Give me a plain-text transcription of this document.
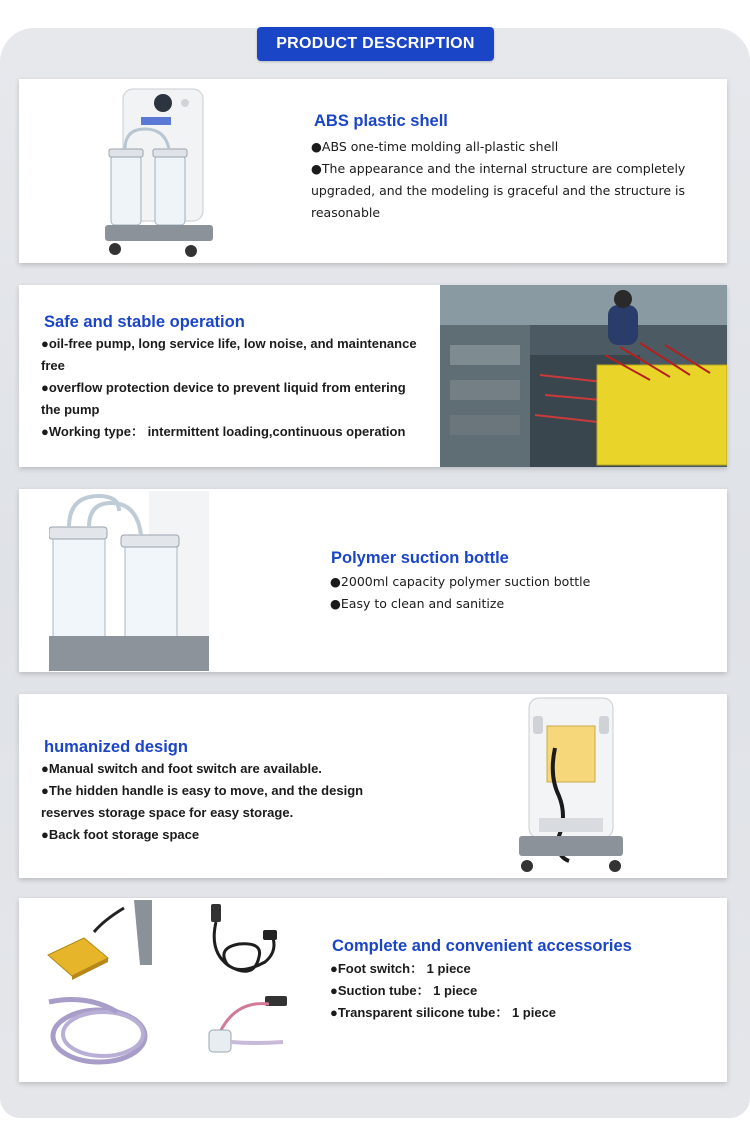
PRODUCT DESCRIPTION
ABS plastic shell

●ABS one-time molding all-plastic shell

●The appearance and the internal structure are completely

upgraded, and the modeling is graceful and the structure is

reasonable

Safe and stable operation

●oil-free pump, long service life, low noise, and maintenance

free

●overflow protection device to prevent liquid from entering

the pump

●Working type： intermittent loading,continuous operation

Polymer suction bottle

●2000ml capacity polymer suction bottle

●Easy to clean and sanitize

humanized design

●Manual switch and foot switch are available.

●The hidden handle is easy to move, and the design

reserves storage space for easy storage.

●Back foot storage space

Complete and convenient accessories

●Foot switch： 1 piece

●Suction tube： 1 piece

●Transparent silicone tube： 1 piece
